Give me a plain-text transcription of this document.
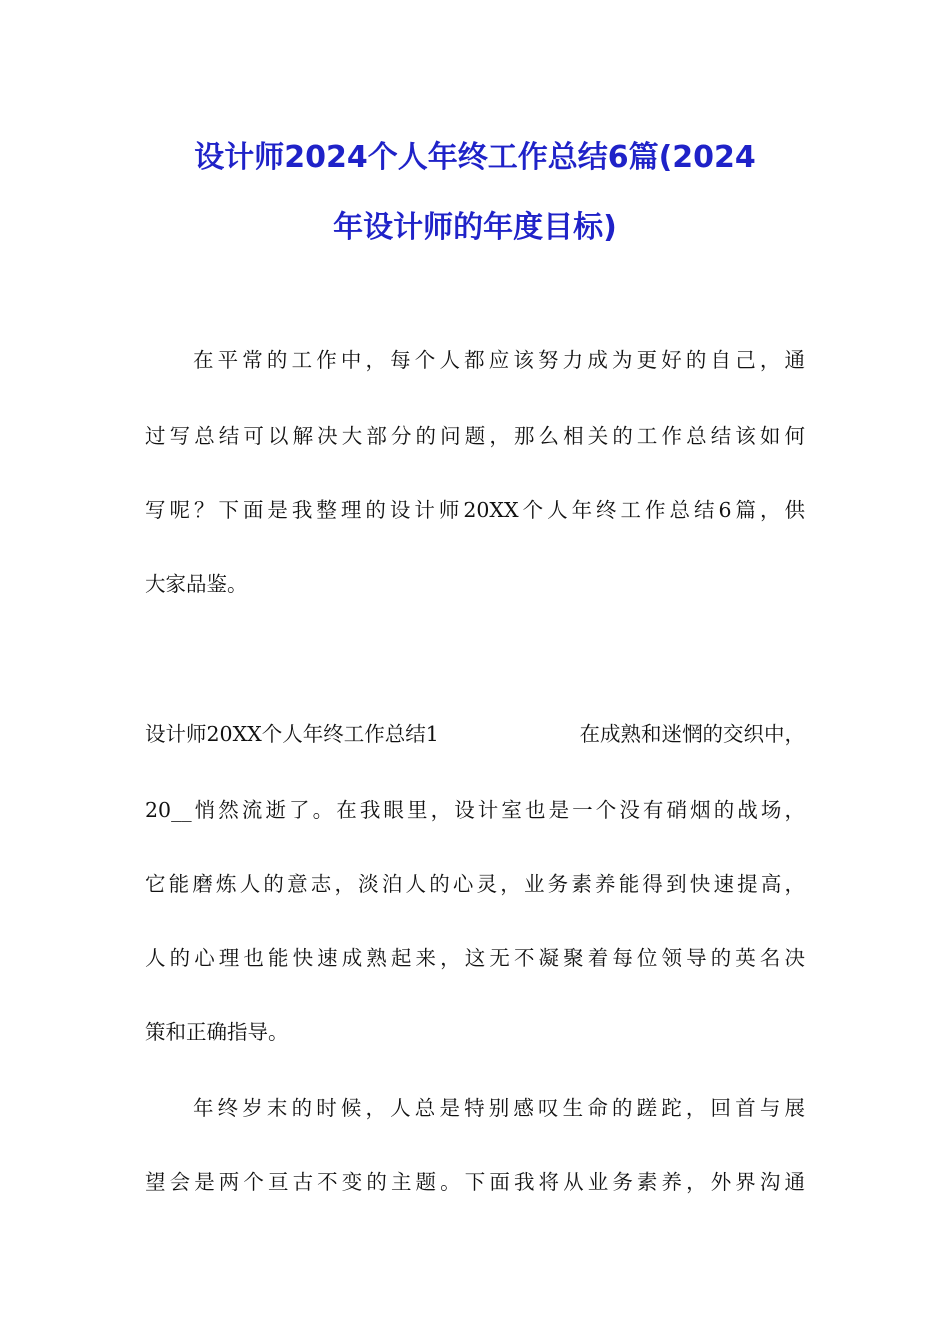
设计师2024个人年终工作总结6篇(2024
年设计师的年度目标)
在平常的工作中，每个人都应该努力成为更好的自己，通
过写总结可以解决大部分的问题，那么相关的工作总结该如何
写呢？下面是我整理的设计师20XX个人年终工作总结6篇，供
大家品鉴。
设计师20XX个人年终工作总结1	在成熟和迷惘的交织中，
20__悄然流逝了。在我眼里，设计室也是一个没有硝烟的战场，
它能磨炼人的意志，淡泊人的心灵，业务素养能得到快速提高，
人的心理也能快速成熟起来，这无不凝聚着每位领导的英名决
策和正确指导。
年终岁末的时候，人总是特别感叹生命的蹉跎，回首与展
望会是两个亘古不变的主题。下面我将从业务素养，外界沟通
